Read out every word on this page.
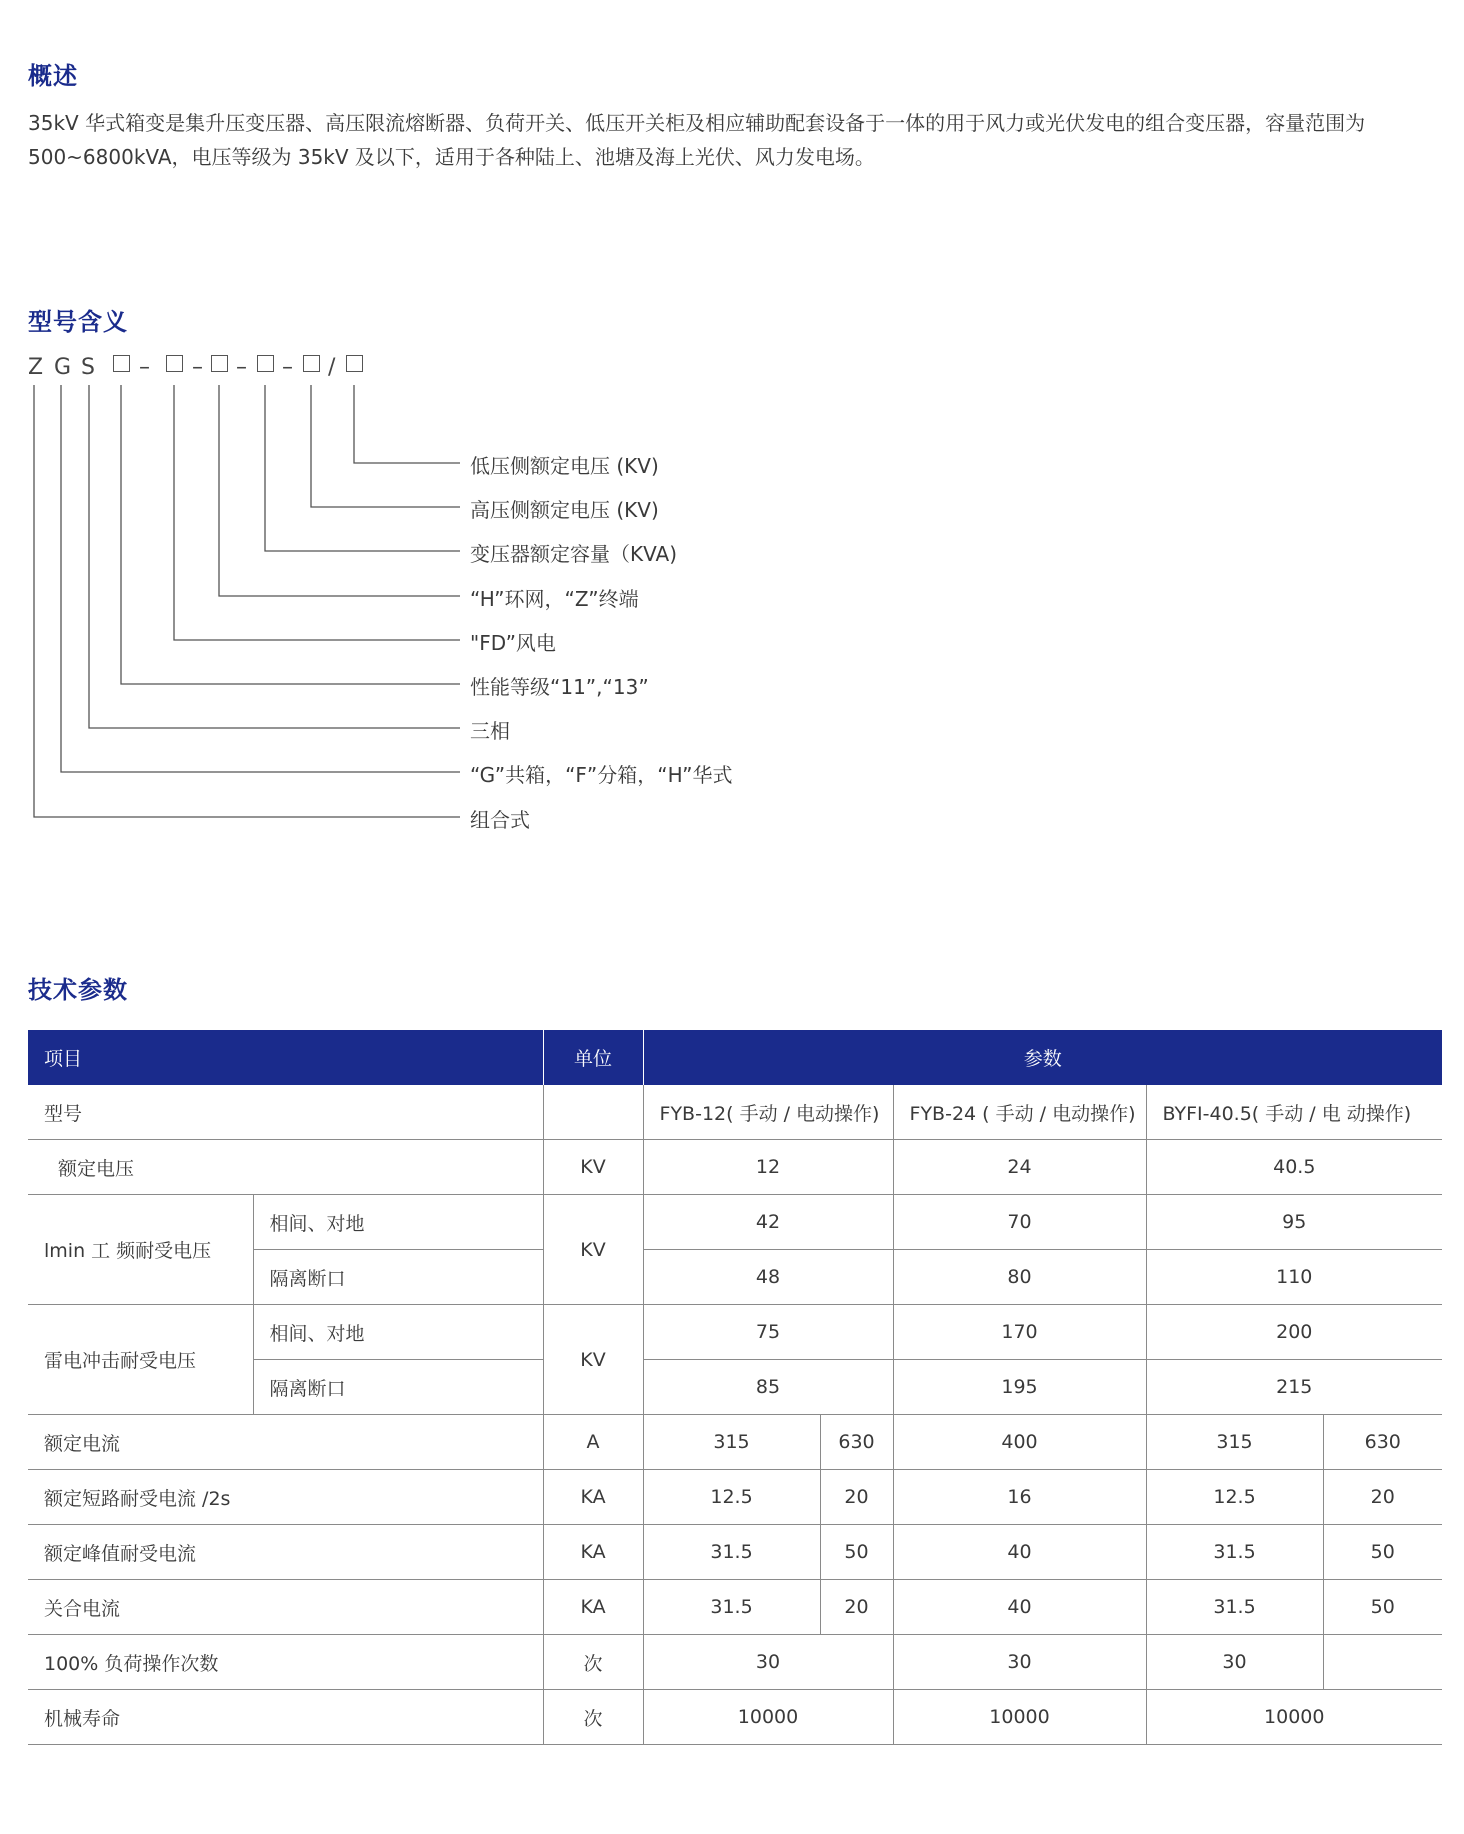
概述

35kV 华式箱变是集升压变压器、高压限流熔断器、负荷开关、低压开关柜及相应辅助配套设备于一体的用于风力或光伏发电的组合变压器，容量范围为 500~6800kVA，电压等级为 35kV 及以下，适用于各种陆上、池塘及海上光伏、风力发电场。

型号含义
Z G S – – – – /
低压侧额定电压 (KV)
高压侧额定电压 (KV)
变压器额定容量（KVA)
“H”环网，“Z”终端
"FD”风电
性能等级“11”,“13”
三相
“G”共箱，“F”分箱，“H”华式
组合式
技术参数
项目		单位	参数				
型号			FYB-12( 手动 / 电动操作)		FYB-24 ( 手动 / 电动操作)	BYFI-40.5( 手动 / 电 动操作)	
额定电压		KV	12		24	40.5	
lmin 工 频耐受电压	相间、对地	KV	42		70	95	
	隔离断口		48		80	110	
雷电冲击耐受电压	相间、对地	KV	75		170	200	
	隔离断口		85		195	215	
额定电流		A	315	630	400	315	630
额定短路耐受电流 /2s		KA	12.5	20	16	12.5	20
额定峰值耐受电流		KA	31.5	50	40	31.5	50
关合电流		KA	31.5	20	40	31.5	50
100% 负荷操作次数		次	30		30	30	
机械寿命		次	10000		10000	10000	
